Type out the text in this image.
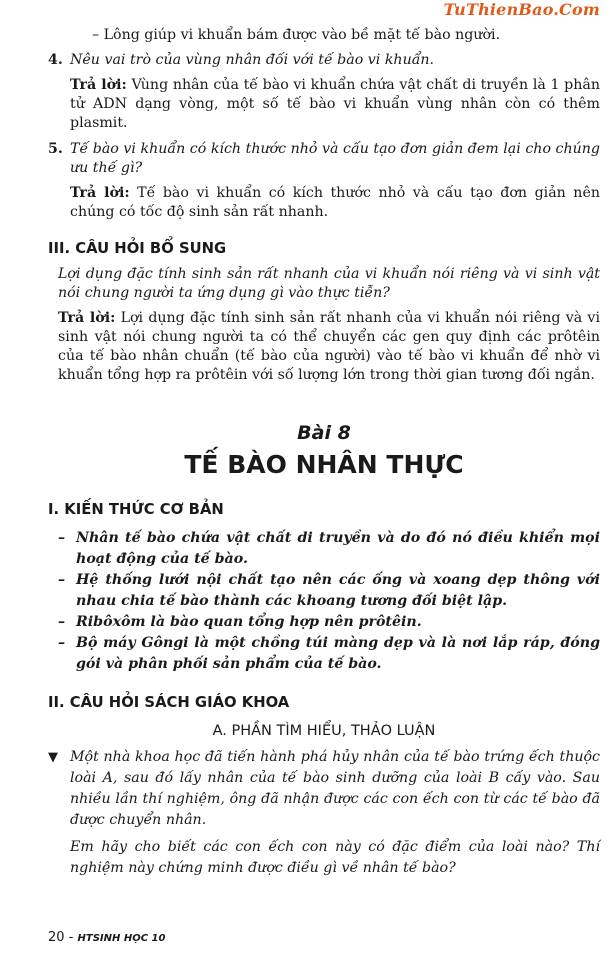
TuThienBao.Com

– Lông giúp vi khuẩn bám được vào bề mặt tế bào người.

4. Nêu vai trò của vùng nhân đối với tế bào vi khuẩn.

Trả lời: Vùng nhân của tế bào vi khuẩn chứa vật chất di truyền là 1 phân tử ADN dạng vòng, một số tế bào vi khuẩn vùng nhân còn có thêm plasmit.

5. Tế bào vi khuẩn có kích thước nhỏ và cấu tạo đơn giản đem lại cho chúng ưu thế gì?

Trả lời: Tế bào vi khuẩn có kích thước nhỏ và cấu tạo đơn giản nên chúng có tốc độ sinh sản rất nhanh.

III. CÂU HỎI BỔ SUNG

Lợi dụng đặc tính sinh sản rất nhanh của vi khuẩn nói riêng và vi sinh vật nói chung người ta ứng dụng gì vào thực tiễn?

Trả lời: Lợi dụng đặc tính sinh sản rất nhanh của vi khuẩn nói riêng và vi sinh vật nói chung người ta có thể chuyển các gen quy định các prôtêin của tế bào nhân chuẩn (tế bào của người) vào tế bào vi khuẩn để nhờ vi khuẩn tổng hợp ra prôtêin với số lượng lớn trong thời gian tương đối ngắn.

Bài 8
TẾ BÀO NHÂN THỰC
I. KIẾN THỨC CƠ BẢN
– Nhân tế bào chứa vật chất di truyền và do đó nó điều khiển mọi hoạt động của tế bào.
– Hệ thống lưới nội chất tạo nên các ống và xoang dẹp thông với nhau chia tế bào thành các khoang tương đối biệt lập.
– Ribôxôm là bào quan tổng hợp nên prôtêin.
– Bộ máy Gôngi là một chồng túi màng dẹp và là nơi lắp ráp, đóng gói và phân phối sản phẩm của tế bào.
II. CÂU HỎI SÁCH GIÁO KHOA
A. PHẦN TÌM HIỂU, THẢO LUẬN
▼ Một nhà khoa học đã tiến hành phá hủy nhân của tế bào trứng ếch thuộc loài A, sau đó lấy nhân của tế bào sinh dưỡng của loài B cấy vào. Sau nhiều lần thí nghiệm, ông đã nhận được các con ếch con từ các tế bào đã được chuyển nhân.

Em hãy cho biết các con ếch con này có đặc điểm của loài nào? Thí nghiệm này chứng minh được điều gì về nhân tế bào?

20 - HTSINH HỌC 10
